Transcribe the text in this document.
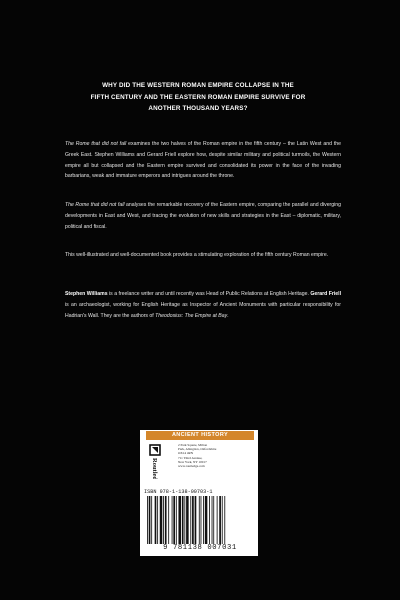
WHY DID THE WESTERN ROMAN EMPIRE COLLAPSE IN THE
FIFTH CENTURY AND THE EASTERN ROMAN EMPIRE SURVIVE FOR
ANOTHER THOUSAND YEARS?

The Rome that did not fall examines the two halves of the Roman empire in the fifth century – the Latin West and the Greek East. Stephen Williams and Gerard Friell explore how, despite similar military and political turmoils, the Western empire all but collapsed and the Eastern empire survived and consolidated its power in the face of the invading barbarians, weak and immature emperors and intrigues around the throne.

The Rome that did not fall analyses the remarkable recovery of the Eastern empire, comparing the parallel and diverging developments in East and West, and tracing the evolution of new skills and strategies in the East – diplomatic, military, political and fiscal.

This well-illustrated and well-documented book provides a stimulating exploration of the fifth century Roman empire.

Stephen Williams is a freelance writer and until recently was Head of Public Relations at English Heritage. Gerard Friell is an archaeologist, working for English Heritage as Inspector of Ancient Monuments with particular responsibility for Hadrian's Wall. They are the authors of Theodosius: The Empire at Bay.

ANCIENT HISTORY
Routledge
2 Park Square, Milton
Park, Abingdon, Oxfordshire
OX14 4RN
711 Third Avenue,
New York, NY 10017
www.routledge.com
ISBN 978-1-138-00703-1
9 781138 007031
